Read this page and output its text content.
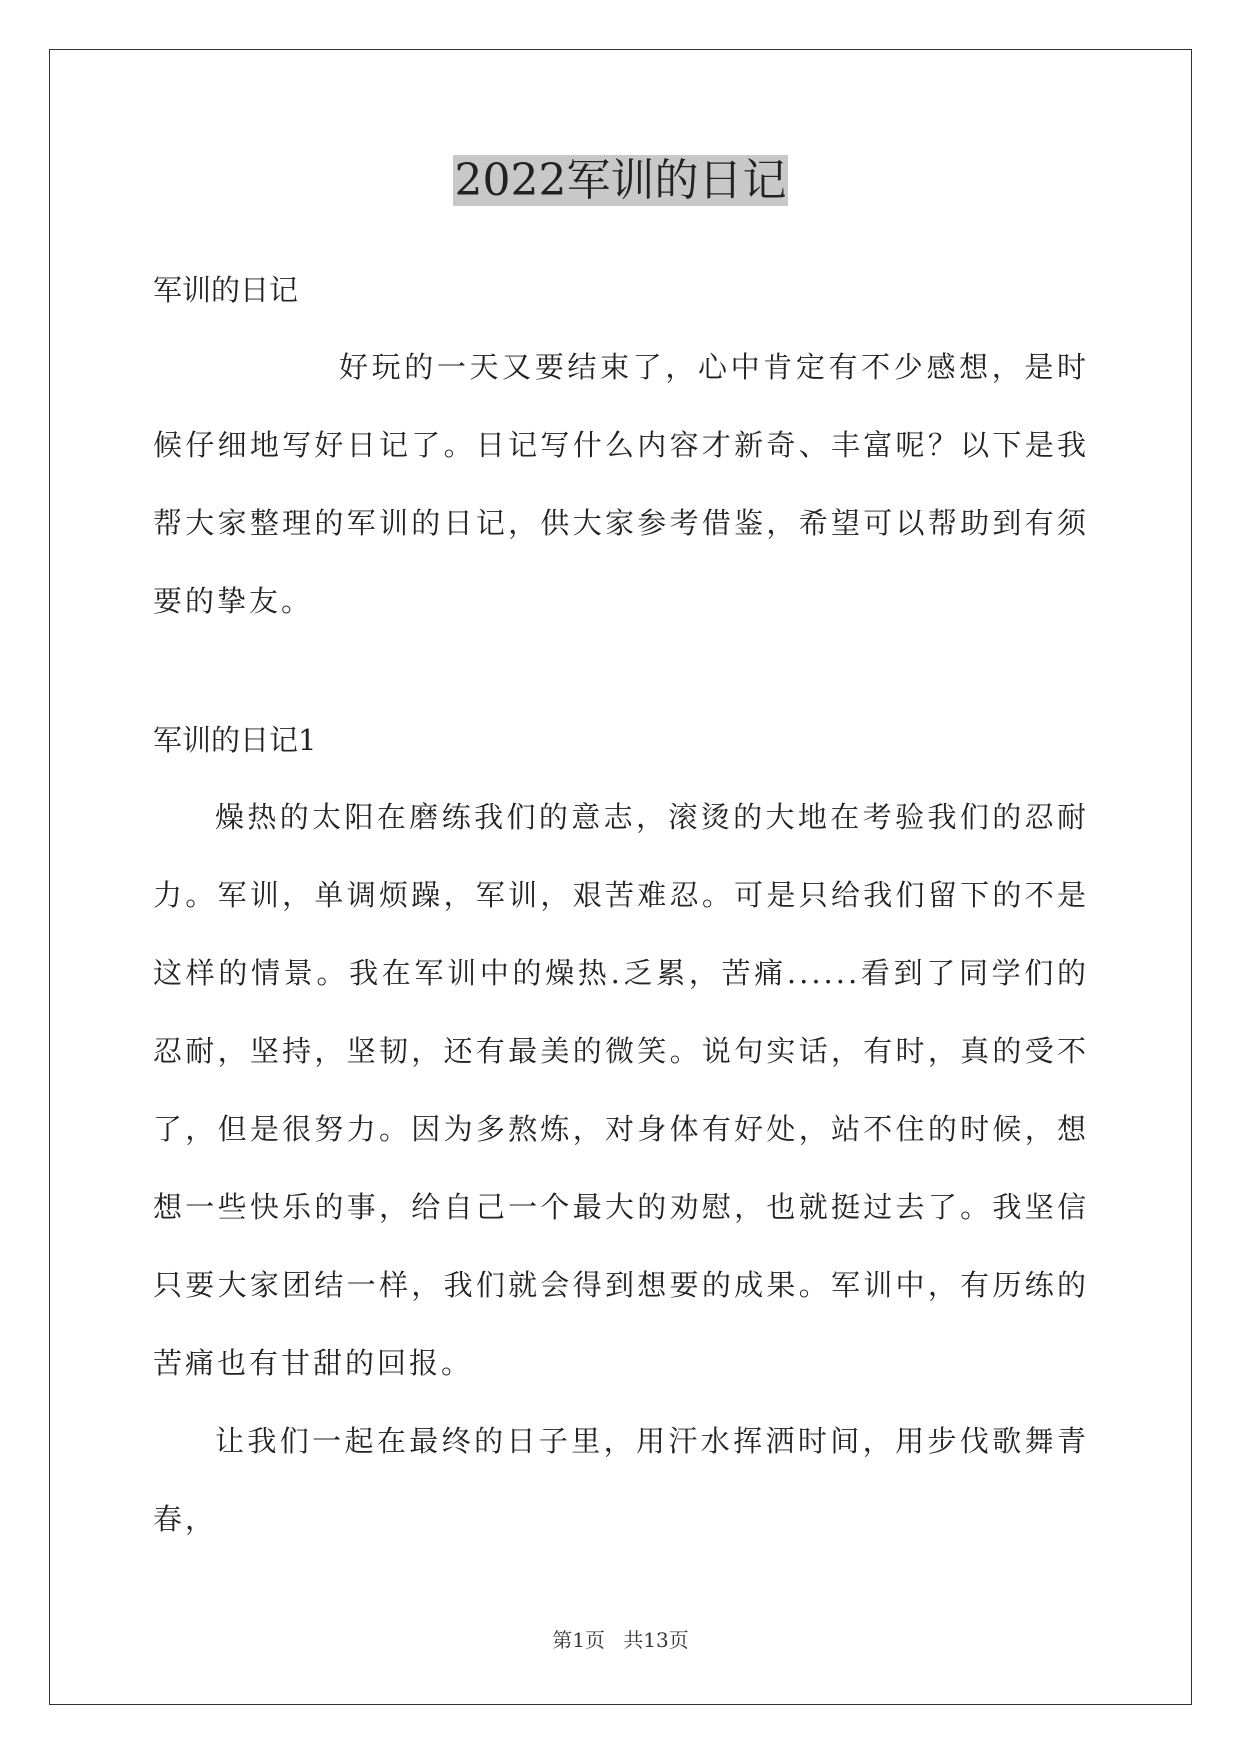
2022军训的日记

军训的日记

好玩的一天又要结束了，心中肯定有不少感想，是时候仔细地写好日记了。日记写什么内容才新奇、丰富呢？以下是我帮大家整理的军训的日记，供大家参考借鉴，希望可以帮助到有须要的挚友。

军训的日记1

燥热的太阳在磨练我们的意志，滚烫的大地在考验我们的忍耐力。军训，单调烦躁，军训，艰苦难忍。可是只给我们留下的不是这样的情景。我在军训中的燥热.乏累，苦痛......看到了同学们的忍耐，坚持，坚韧，还有最美的微笑。说句实话，有时，真的受不了，但是很努力。因为多熬炼，对身体有好处，站不住的时候，想想一些快乐的事，给自己一个最大的劝慰，也就挺过去了。我坚信只要大家团结一样，我们就会得到想要的成果。军训中，有历练的苦痛也有甘甜的回报。

让我们一起在最终的日子里，用汗水挥洒时间，用步伐歌舞青春，

第1页 共13页
